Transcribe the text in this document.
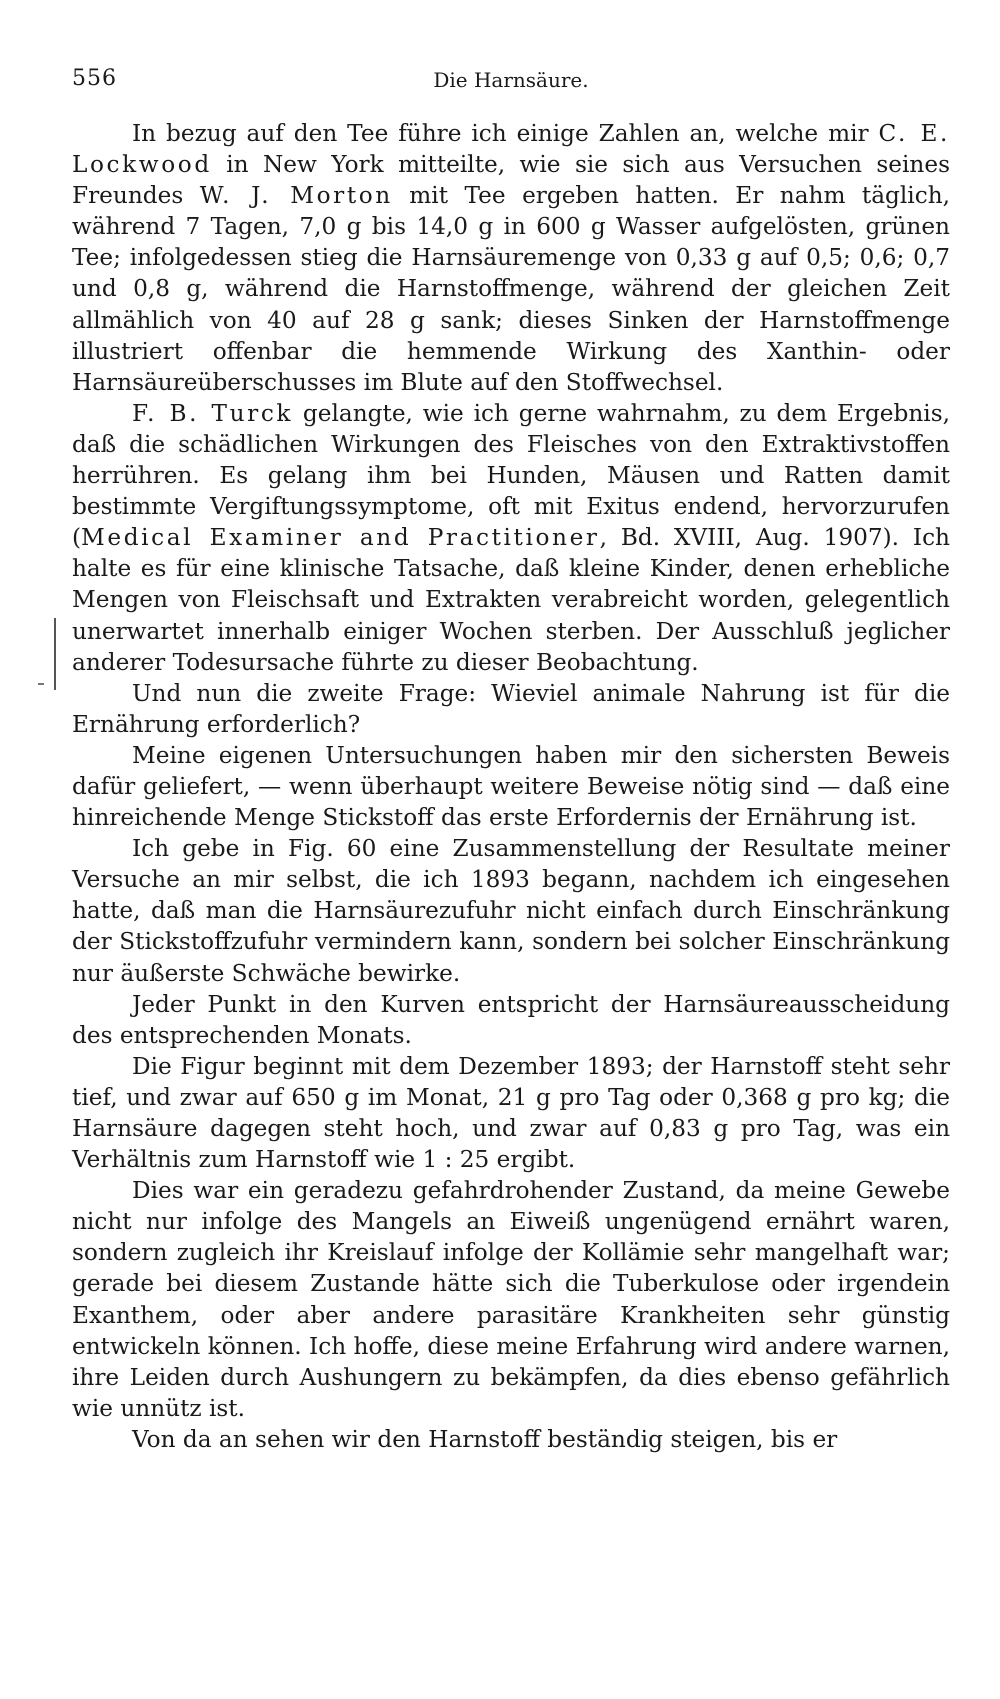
556	Die Harnsäure.

In bezug auf den Tee führe ich einige Zahlen an, welche mir C. E. Lockwood in New York mitteilte, wie sie sich aus Versuchen seines Freundes W. J. Morton mit Tee ergeben hatten. Er nahm täglich, während 7 Tagen, 7,0 g bis 14,0 g in 600 g Wasser aufgelösten, grünen Tee; infolgedessen stieg die Harnsäuremenge von 0,33 g auf 0,5; 0,6; 0,7 und 0,8 g, während die Harnstoffmenge, während der gleichen Zeit allmählich von 40 auf 28 g sank; dieses Sinken der Harnstoffmenge illustriert offenbar die hemmende Wirkung des Xanthin- oder Harnsäureüberschusses im Blute auf den Stoffwechsel.

F. B. Turck gelangte, wie ich gerne wahrnahm, zu dem Ergebnis, daß die schädlichen Wirkungen des Fleisches von den Extraktivstoffen herrühren. Es gelang ihm bei Hunden, Mäusen und Ratten damit bestimmte Vergiftungssymptome, oft mit Exitus endend, hervorzurufen (Medical Examiner and Practitioner, Bd. XVIII, Aug. 1907). Ich halte es für eine klinische Tatsache, daß kleine Kinder, denen erhebliche Mengen von Fleischsaft und Extrakten verabreicht worden, gelegentlich unerwartet innerhalb einiger Wochen sterben. Der Ausschluß jeglicher anderer Todesursache führte zu dieser Beobachtung.

Und nun die zweite Frage: Wieviel animale Nahrung ist für die Ernährung erforderlich?

Meine eigenen Untersuchungen haben mir den sichersten Beweis dafür geliefert, — wenn überhaupt weitere Beweise nötig sind — daß eine hinreichende Menge Stickstoff das erste Erfordernis der Ernährung ist.

Ich gebe in Fig. 60 eine Zusammenstellung der Resultate meiner Versuche an mir selbst, die ich 1893 begann, nachdem ich eingesehen hatte, daß man die Harnsäurezufuhr nicht einfach durch Einschränkung der Stickstoffzufuhr vermindern kann, sondern bei solcher Einschränkung nur äußerste Schwäche bewirke.

Jeder Punkt in den Kurven entspricht der Harnsäureausscheidung des entsprechenden Monats.

Die Figur beginnt mit dem Dezember 1893; der Harnstoff steht sehr tief, und zwar auf 650 g im Monat, 21 g pro Tag oder 0,368 g pro kg; die Harnsäure dagegen steht hoch, und zwar auf 0,83 g pro Tag, was ein Verhältnis zum Harnstoff wie 1 : 25 ergibt.

Dies war ein geradezu gefahrdrohender Zustand, da meine Gewebe nicht nur infolge des Mangels an Eiweiß ungenügend ernährt waren, sondern zugleich ihr Kreislauf infolge der Kollämie sehr mangelhaft war; gerade bei diesem Zustande hätte sich die Tuberkulose oder irgendein Exanthem, oder aber andere parasitäre Krankheiten sehr günstig entwickeln können. Ich hoffe, diese meine Erfahrung wird andere warnen, ihre Leiden durch Aushungern zu bekämpfen, da dies ebenso gefährlich wie unnütz ist.

Von da an sehen wir den Harnstoff beständig steigen, bis er
